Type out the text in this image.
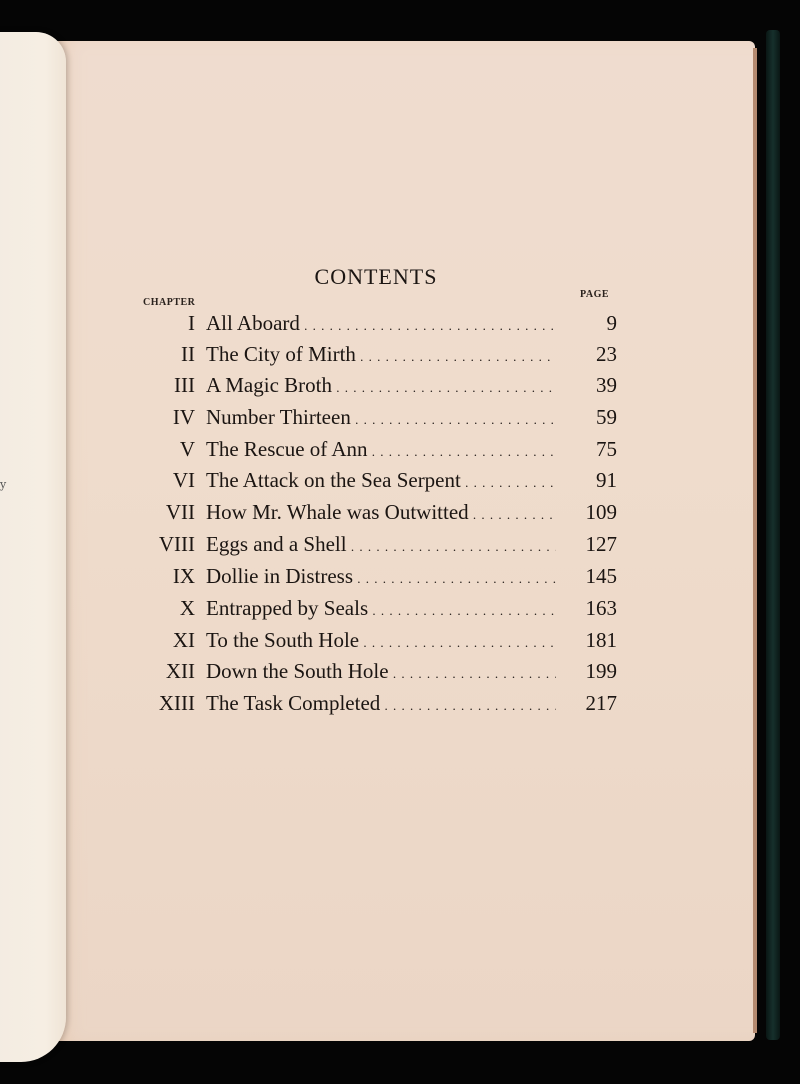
y
CONTENTS
CHAPTER
PAGE
I All Aboard . . .	9
II The City of Mirth . . .	23
III A Magic Broth . . .	39
IV Number Thirteen . . .	59
V The Rescue of Ann . . .	75
VI The Attack on the Sea Serpent . . .	91
VII How Mr. Whale was Outwitted . . .	109
VIII Eggs and a Shell . . .	127
IX Dollie in Distress . . .	145
X Entrapped by Seals . . .	163
XI To the South Hole . . .	181
XII Down the South Hole . . .	199
XIII The Task Completed . . .	217
